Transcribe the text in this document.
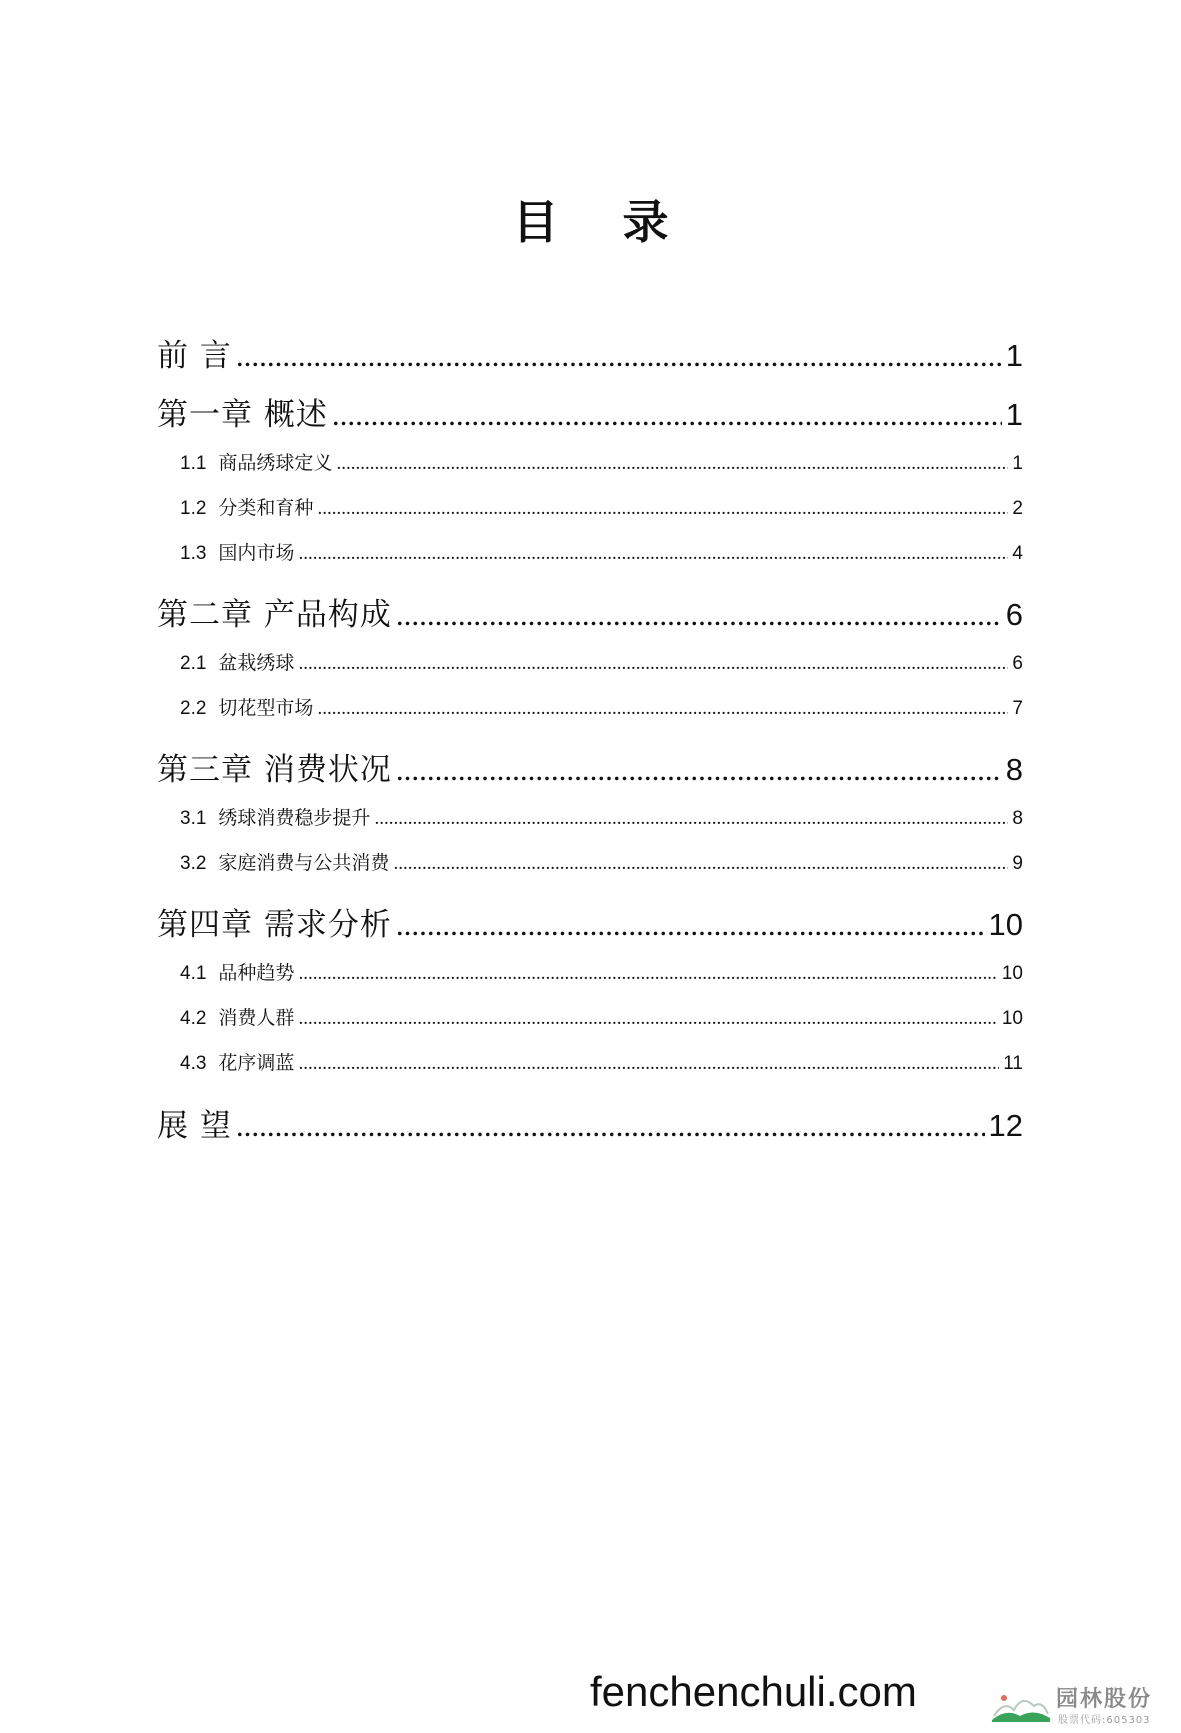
目 录
前 言 .....	1
第一章 概述 .....	1
1.1 商品绣球定义 .....	1
1.2 分类和育种 .....	2
1.3 国内市场 .....	4
第二章 产品构成 .....	6
2.1 盆栽绣球 .....	6
2.2 切花型市场 .....	7
第三章 消费状况 .....	8
3.1 绣球消费稳步提升 .....	8
3.2 家庭消费与公共消费 .....	9
第四章 需求分析 .....	10
4.1 品种趋势 .....	10
4.2 消费人群 .....	10
4.3 花序调蓝 .....	11
展 望 .....	12
fenchenchuli.com	园林股份
股票代码:605303
